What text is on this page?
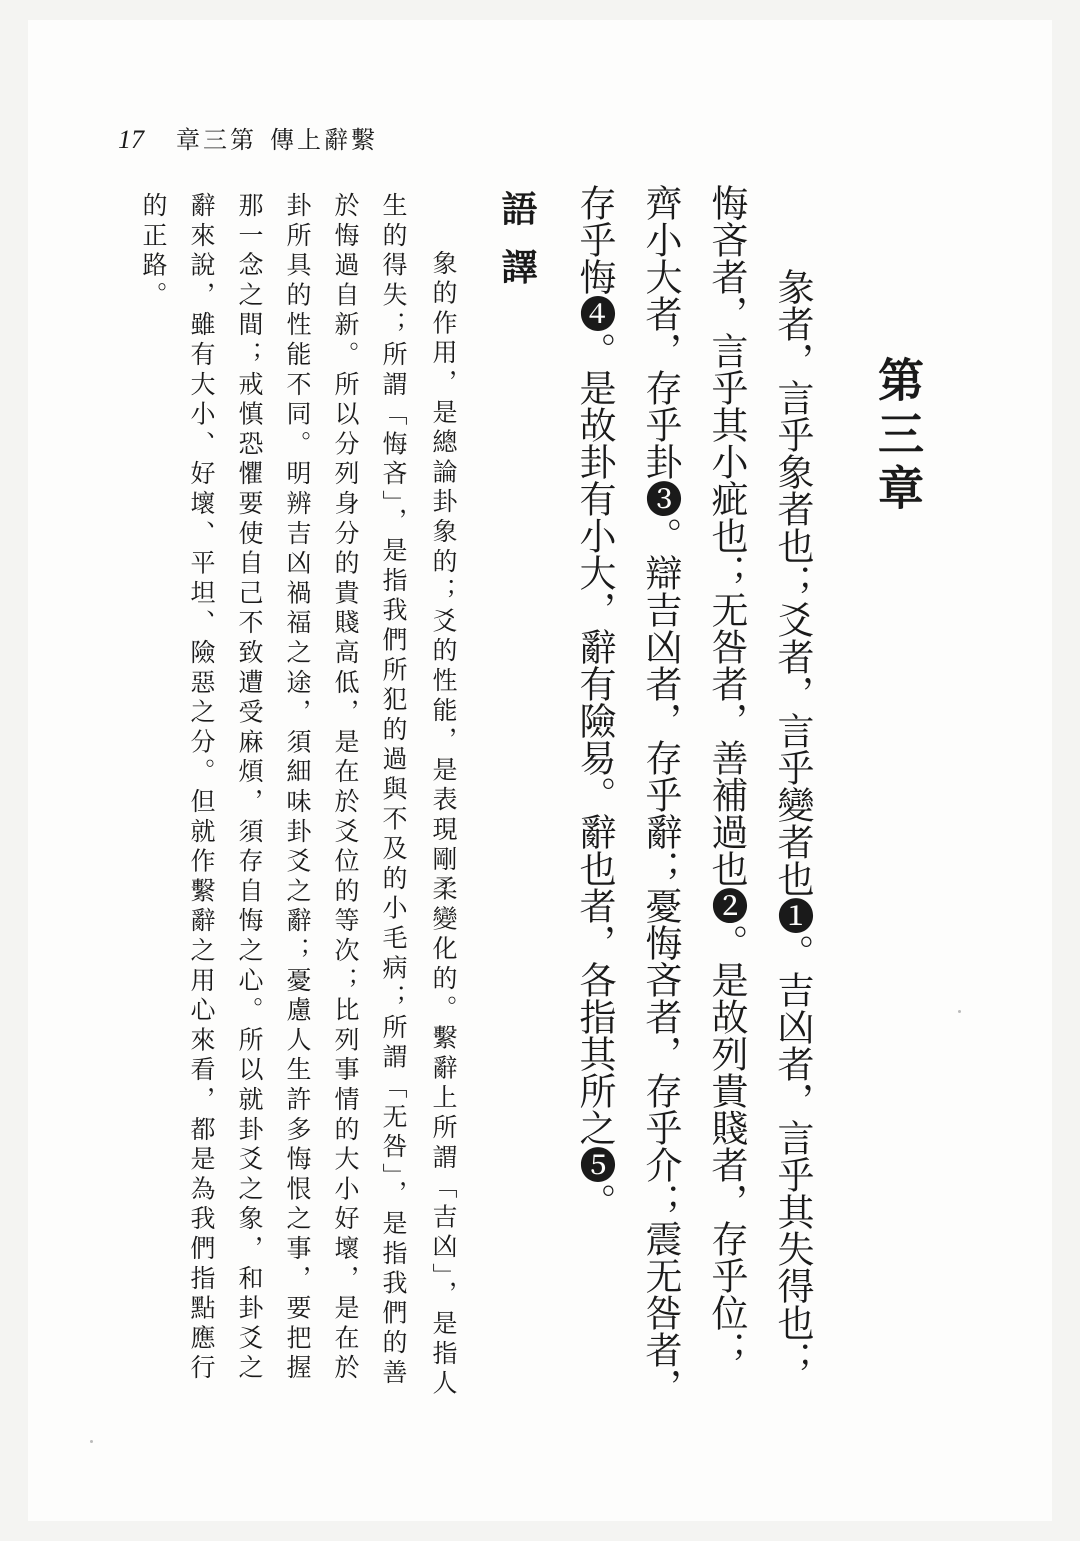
17 章三第 傳上辭繫
第三章
彖者，言乎象者也；爻者，言乎變者也❶。吉凶者，言乎其失得也；
悔吝者，言乎其小疵也；无咎者，善補過也❷。是故列貴賤者，存乎位；
齊小大者，存乎卦❸。辯吉凶者，存乎辭；憂悔吝者，存乎介；震无咎者，
存乎悔❹。是故卦有小大，辭有險易。辭也者，各指其所之❺。
語譯
　象的作用，是總論卦象的；爻的性能，是表現剛柔變化的。繫辭上所謂「吉凶」，是指人
生的得失；所謂「悔吝」，是指我們所犯的過與不及的小毛病；所謂「无咎」，是指我們的善
於悔過自新。所以分列身分的貴賤高低，是在於爻位的等次；比列事情的大小好壞，是在於
卦所具的性能不同。明辨吉凶禍福之途，須細味卦爻之辭；憂慮人生許多悔恨之事，要把握
那一念之間；戒慎恐懼要使自己不致遭受麻煩，須存自悔之心。所以就卦爻之象，和卦爻之
辭來說，雖有大小、好壞、平坦、險惡之分。但就作繫辭之用心來看，都是為我們指點應行
的正路。
